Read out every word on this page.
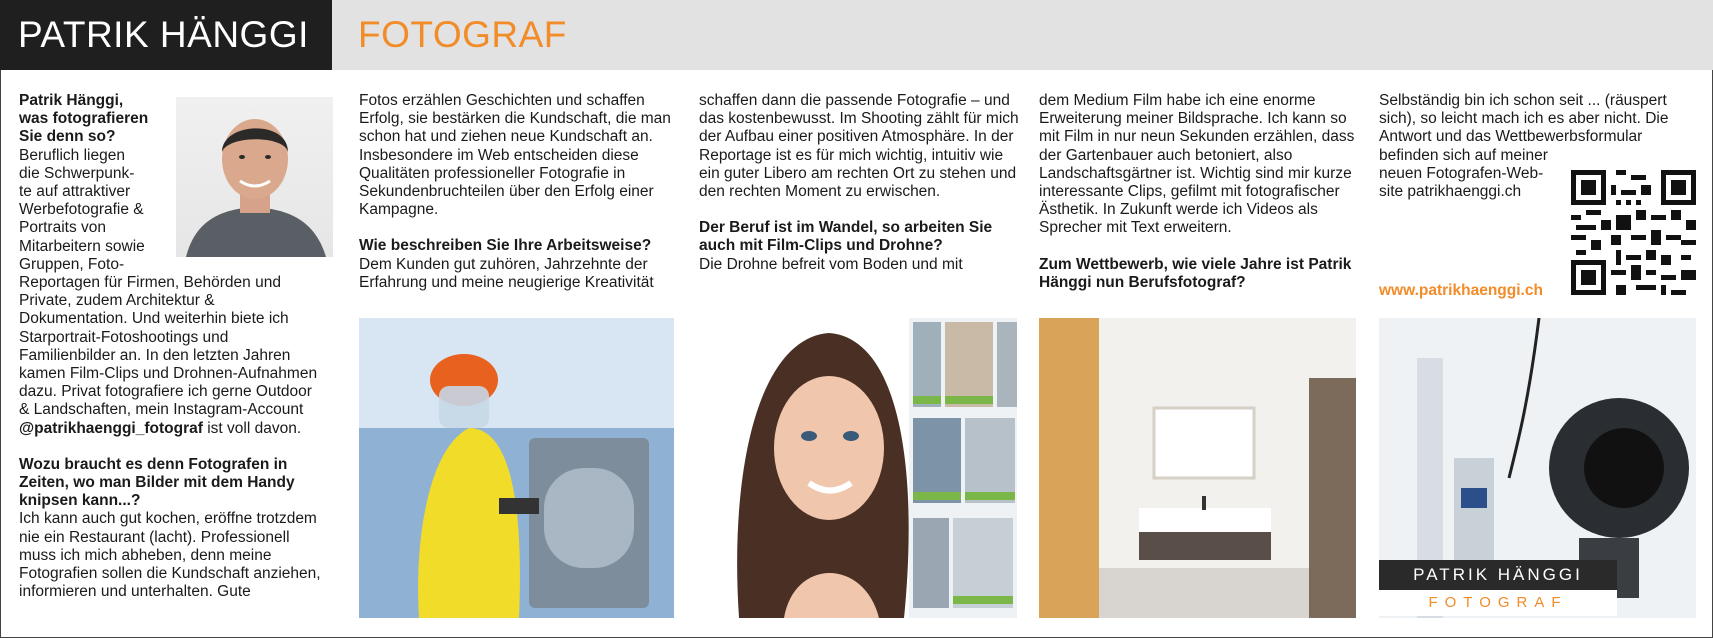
PATRIK HÄNGGI FOTOGRAF
Patrik Hänggi,
was fotografieren
Sie denn so?
Beruflich liegen
die Schwerpunk-
te auf attraktiver
Werbefotografie &
Portraits von
Mitarbeitern sowie
Gruppen, Foto-

Reportagen für Firmen, Behörden und Private, zudem Architektur & Dokumentation. Und weiterhin biete ich Starportrait-Fotoshootings und Familienbilder an. In den letzten Jahren kamen Film-Clips und Drohnen-Aufnahmen dazu. Privat fotografiere ich gerne Outdoor & Landschaften, mein Instagram-Account @patrikhaenggi_fotograf ist voll davon.

Wozu braucht es denn Fotografen in Zeiten, wo man Bilder mit dem Handy knipsen kann...?

Ich kann auch gut kochen, eröffne trotzdem nie ein Restaurant (lacht). Professionell muss ich mich abheben, denn meine Fotografien sollen die Kundschaft anziehen, informieren und unterhalten. Gute

Fotos erzählen Geschichten und schaffen Erfolg, sie bestärken die Kundschaft, die man schon hat und ziehen neue Kundschaft an. Insbesondere im Web entscheiden diese Qualitäten professioneller Fotografie in Sekundenbruchteilen über den Erfolg einer Kampagne.

Wie beschreiben Sie Ihre Arbeitsweise?

Dem Kunden gut zuhören, Jahrzehnte der Erfahrung und meine neugierige Kreativität

schaffen dann die passende Fotografie – und das kostenbewusst. Im Shooting zählt für mich der Aufbau einer positiven Atmosphäre. In der Reportage ist es für mich wichtig, intuitiv wie ein guter Libero am rechten Ort zu stehen und den rechten Moment zu erwischen.

Der Beruf ist im Wandel, so arbeiten Sie auch mit Film-Clips und Drohne?

Die Drohne befreit vom Boden und mit

dem Medium Film habe ich eine enorme Erweiterung meiner Bildsprache. Ich kann so mit Film in nur neun Sekunden erzählen, dass der Gartenbauer auch betoniert, also Landschaftsgärtner ist. Wichtig sind mir kurze interessante Clips, gefilmt mit fotografischer Ästhetik. In Zukunft werde ich Videos als Sprecher mit Text erweitern.

Zum Wettbewerb, wie viele Jahre ist Patrik Hänggi nun Berufsfotograf?

Selbständig bin ich schon seit ... (räuspert sich), so leicht mach ich es aber nicht. Die Antwort und das Wettbewerbsformular befinden sich auf meiner

neuen Fotografen-Web-
site patrikhaenggi.ch
www.patrikhaenggi.ch
PATRIK HÄNGGI
FOTOGRAF
